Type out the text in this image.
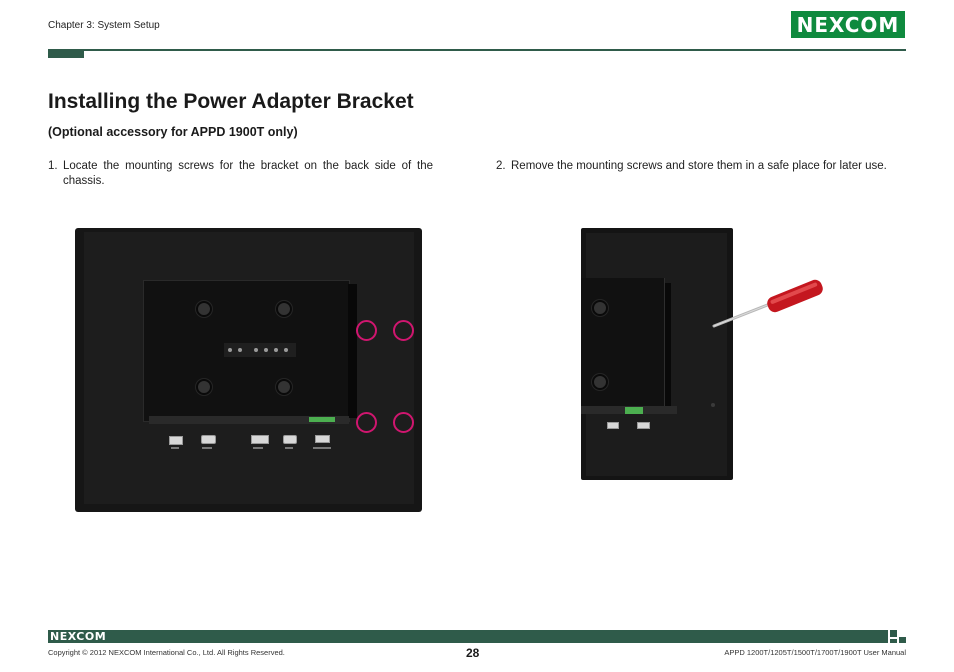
Chapter 3: System Setup	NEXCOM
Installing the Power Adapter Bracket
(Optional accessory for APPD 1900T only)
1. Locate the mounting screws for the bracket on the back side of the chassis.
2. Remove the mounting screws and store them in a safe place for later use.
NEXCOM
Copyright © 2012 NEXCOM International Co., Ltd. All Rights Reserved.	28	APPD 1200T/1205T/1500T/1700T/1900T User Manual
